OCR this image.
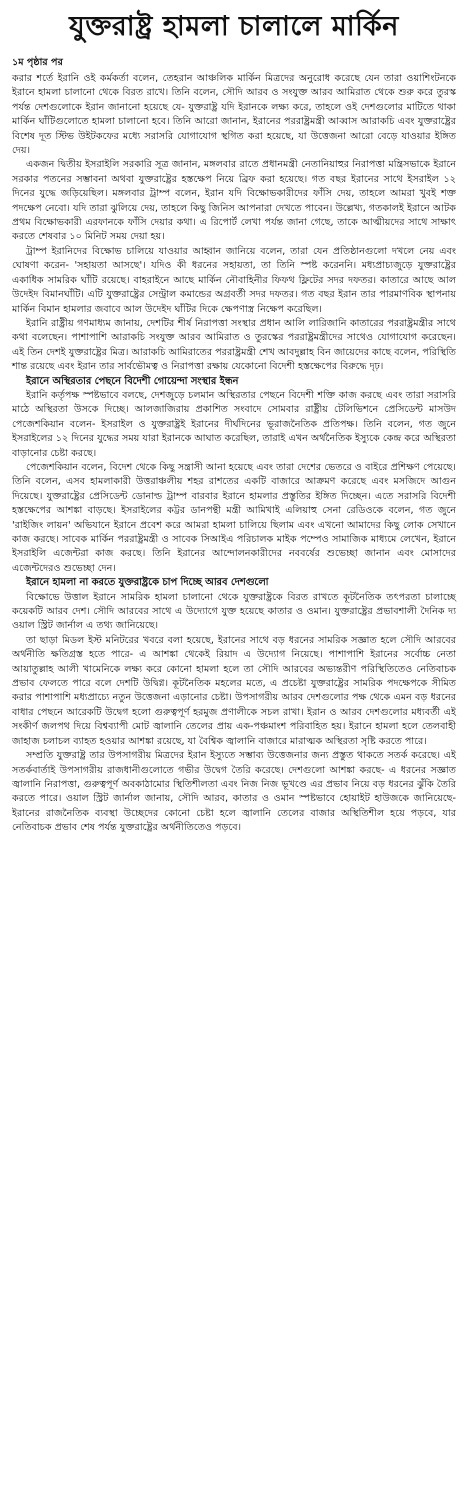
যুক্তরাষ্ট্র হামলা চালালে মার্কিন

১ম পৃষ্ঠার পর

করার শর্তে ইরানি ওই কর্মকর্তা বলেন, তেহরান আঞ্চলিক মার্কিন মিত্রদের অনুরোধ করেছে যেন তারা ওয়াশিংটনকে ইরানে হামলা চালানো থেকে বিরত রাখে। তিনি বলেন, সৌদি আরব ও সংযুক্ত আরব আমিরাত থেকে শুরু করে তুরস্ক পর্যন্ত দেশগুলোকে ইরান জানানো হয়েছে যে- যুক্তরাষ্ট্র যদি ইরানকে লক্ষ্য করে, তাহলে ওই দেশগুলোর মাটিতে থাকা মার্কিন ঘাঁটিগুলোতে হামলা চালানো হবে। তিনি আরো জানান, ইরানের পররাষ্ট্রমন্ত্রী আব্বাস আরাকচি এবং যুক্তরাষ্ট্রের বিশেষ দূত স্টিভ উইটকফের মধ্যে সরাসরি যোগাযোগ স্থগিত করা হয়েছে, যা উত্তেজনা আরো বেড়ে যাওয়ার ইঙ্গিত দেয়।

একজন দ্বিতীয় ইসরাইলি সরকারি সূত্র জানান, মঙ্গলবার রাতে প্রধানমন্ত্রী নেতানিয়াহুর নিরাপত্তা মন্ত্রিসভাকে ইরানে সরকার পতনের সম্ভাবনা অথবা যুক্তরাষ্ট্রের হস্তক্ষেপ নিয়ে ব্রিফ করা হয়েছে। গত বছর ইরানের সাথে ইসরাইল ১২ দিনের যুদ্ধে জড়িয়েছিল। মঙ্গলবার ট্রাম্প বলেন, ইরান যদি বিক্ষোভকারীদের ফাঁসি দেয়, তাহলে আমরা খুবই শক্ত পদক্ষেপ নেবো। যদি তারা ঝুলিয়ে দেয়, তাহলে কিছু জিনিস আপনারা দেখতে পাবেন। উল্লেখ্য, গতকালই ইরানে আটক প্রথম বিক্ষোভকারী এরফানকে ফাঁসি দেয়ার কথা। এ রিপোর্ট লেখা পর্যন্ত জানা গেছে, তাকে আত্মীয়দের সাথে সাক্ষাৎ করতে শেষবার ১০ মিনিট সময় দেয়া হয়।

ট্রাম্প ইরানিদের বিক্ষোভ চালিয়ে যাওয়ার আহ্বান জানিয়ে বলেন, তারা যেন প্রতিষ্ঠানগুলো দখলে নেয় এবং ঘোষণা করেন- 'সহায়তা আসছে'। যদিও কী ধরনের সহায়তা, তা তিনি স্পষ্ট করেননি। মধ্যপ্রাচ্যজুড়ে যুক্তরাষ্ট্রের একাধিক সামরিক ঘাঁটি রয়েছে। বাহরাইনে আছে মার্কিন নৌবাহিনীর ফিফথ ফ্লিটের সদর দফতর। কাতারে আছে আল উদেইদ বিমানঘাঁটি। এটি যুক্তরাষ্ট্রের সেন্ট্রাল কমান্ডের অগ্রবর্তী সদর দফতর। গত বছর ইরান তার পারমাণবিক স্থাপনায় মার্কিন বিমান হামলার জবাবে আল উদেইদ ঘাঁটির দিকে ক্ষেপণাস্ত্র নিক্ষেপ করেছিল।

ইরানি রাষ্ট্রীয় গণমাধ্যম জানায়, দেশটির শীর্ষ নিরাপত্তা সংস্থার প্রধান আলি লারিজানি কাতারের পররাষ্ট্রমন্ত্রীর সাথে কথা বলেছেন। পাশাপাশি আরাকচি সংযুক্ত আরব আমিরাত ও তুরস্কের পররাষ্ট্রমন্ত্রীদের সাথেও যোগাযোগ করেছেন। এই তিন দেশই যুক্তরাষ্ট্রের মিত্র। আরাকচি আমিরাতের পররাষ্ট্রমন্ত্রী শেখ আবদুল্লাহ বিন জায়েদের কাছে বলেন, পরিস্থিতি শান্ত রয়েছে এবং ইরান তার সার্বভৌমত্ব ও নিরাপত্তা রক্ষায় যেকোনো বিদেশী হস্তক্ষেপের বিরুদ্ধে দৃঢ়।

ইরানে অস্থিরতার পেছনে বিদেশী গোয়েন্দা সংস্থার ইন্ধন

ইরানি কর্তৃপক্ষ স্পষ্টভাবে বলছে, দেশজুড়ে চলমান অস্থিরতার পেছনে বিদেশী শক্তি কাজ করছে এবং তারা সরাসরি মাঠে অস্থিরতা উসকে দিচ্ছে। আলজাজিরায় প্রকাশিত সংবাদে সোমবার রাষ্ট্রীয় টেলিভিশনে প্রেসিডেন্ট মাসউদ পেজেশকিয়ান বলেন- ইসরাইল ও যুক্তরাষ্ট্রই ইরানের দীর্ঘদিনের ভূরাজনৈতিক প্রতিপক্ষ। তিনি বলেন, গত জুনে ইসরাইলের ১২ দিনের যুদ্ধের সময় যারা ইরানকে আঘাত করেছিল, তারাই এখন অর্থনৈতিক ইস্যুকে কেন্দ্র করে অস্থিরতা বাড়ানোর চেষ্টা করছে।

পেজেশকিয়ান বলেন, বিদেশ থেকে কিছু সন্ত্রাসী আনা হয়েছে এবং তারা দেশের ভেতরে ও বাইরে প্রশিক্ষণ পেয়েছে। তিনি বলেন, এসব হামলাকারী উত্তরাঞ্চলীয় শহর রাশতের একটি বাজারে আক্রমণ করেছে এবং মসজিদে আগুন দিয়েছে। যুক্তরাষ্ট্রের প্রেসিডেন্ট ডোনাল্ড ট্রাম্প বারবার ইরানে হামলার প্রস্তুতির ইঙ্গিত দিচ্ছেন। এতে সরাসরি বিদেশী হস্তক্ষেপের আশঙ্কা বাড়ছে। ইসরাইলের কট্টর ডানপন্থী মন্ত্রী আমিখাই এলিয়াহু সেনা রেডিওকে বলেন, গত জুনে 'রাইজিং লায়ন' অভিযানে ইরানে প্রবেশ করে আমরা হামলা চালিয়ে ছিলাম এবং এখনো আমাদের কিছু লোক সেখানে কাজ করছে। সাবেক মার্কিন পররাষ্ট্রমন্ত্রী ও সাবেক সিআইএ পরিচালক মাইক পম্পেও সামাজিক মাধ্যমে লেখেন, ইরানে ইসরাইলি এজেন্টরা কাজ করছে। তিনি ইরানের আন্দোলনকারীদের নববর্ষের শুভেচ্ছা জানান এবং মোসাদের এজেন্টদেরও শুভেচ্ছা দেন।

ইরানে হামলা না করতে যুক্তরাষ্ট্রকে চাপ দিচ্ছে আরব দেশগুলো

বিক্ষোভে উত্তাল ইরানে সামরিক হামলা চালানো থেকে যুক্তরাষ্ট্রকে বিরত রাখতে কূটনৈতিক তৎপরতা চালাচ্ছে কয়েকটি আরব দেশ। সৌদি আরবের সাথে এ উদ্যোগে যুক্ত হয়েছে কাতার ও ওমান। যুক্তরাষ্ট্রের প্রভাবশালী দৈনিক দ্য ওয়াল স্ট্রিট জার্নাল এ তথ্য জানিয়েছে।

তা ছাড়া মিডল ইস্ট মনিটরের খবরে বলা হয়েছে, ইরানের সাথে বড় ধরনের সামরিক সজ্ঞাত হলে সৌদি আরবের অর্থনীতি ক্ষতিগ্রস্ত হতে পারে- এ আশঙ্কা থেকেই রিয়াদ এ উদ্যোগ নিয়েছে। পাশাপাশি ইরানের সর্বোচ্চ নেতা আয়াতুল্লাহ আলী খামেনিকে লক্ষ্য করে কোনো হামলা হলে তা সৌদি আরবের অভ্যন্তরীণ পরিস্থিতিতেও নেতিবাচক প্রভাব ফেলতে পারে বলে দেশটি উদ্বিগ্ন। কূটনৈতিক মহলের মতে, এ প্রচেষ্টা যুক্তরাষ্ট্রের সামরিক পদক্ষেপকে সীমিত করার পাশাপাশি মধ্যপ্রাচ্যে নতুন উত্তেজনা এড়ানোর চেষ্টা। উপসাগরীয় আরব দেশগুলোর পক্ষ থেকে এমন বড় ধরনের বাধার পেছনে আরেকটি উদ্বেগ হলো গুরুত্বপূর্ণ হরমুজ প্রণালীকে সচল রাখা। ইরান ও আরব দেশগুলোর মধ্যবর্তী এই সংকীর্ণ জলপথ দিয়ে বিশ্বব্যাপী মোট জ্বালানি তেলের প্রায় এক-পঞ্চমাংশ পরিবাহিত হয়। ইরানে হামলা হলে তেলবাহী জাহাজ চলাচল ব্যাহত হওয়ার আশঙ্কা রয়েছে, যা বৈশ্বিক জ্বালানি বাজারে মারাত্মক অস্থিরতা সৃষ্টি করতে পারে।

সম্প্রতি যুক্তরাষ্ট্র তার উপসাগরীয় মিত্রদের ইরান ইস্যুতে সম্ভাব্য উত্তেজনার জন্য প্রস্তুত থাকতে সতর্ক করেছে। এই সতর্কবার্তাই উপসাগরীয় রাজধানীগুলোতে গভীর উদ্বেগ তৈরি করেছে। দেশগুলো আশঙ্কা করছে- এ ধরনের সজ্ঞাত জ্বালানি নিরাপত্তা, গুরুত্বপূর্ণ অবকাঠামোর স্থিতিশীলতা এবং নিজ নিজ ভূখণ্ডে এর প্রভাব নিয়ে বড় ধরনের ঝুঁকি তৈরি করতে পারে। ওয়াল স্ট্রিট জার্নাল জানায়, সৌদি আরব, কাতার ও ওমান স্পষ্টভাবে হোয়াইট হাউজকে জানিয়েছে- ইরানের রাজনৈতিক ব্যবস্থা উচ্ছেদের কোনো চেষ্টা হলে জ্বালানি তেলের বাজার অস্থিতিশীল হয়ে পড়বে, যার নেতিবাচক প্রভাব শেষ পর্যন্ত যুক্তরাষ্ট্রের অর্থনীতিতেও পড়বে।
